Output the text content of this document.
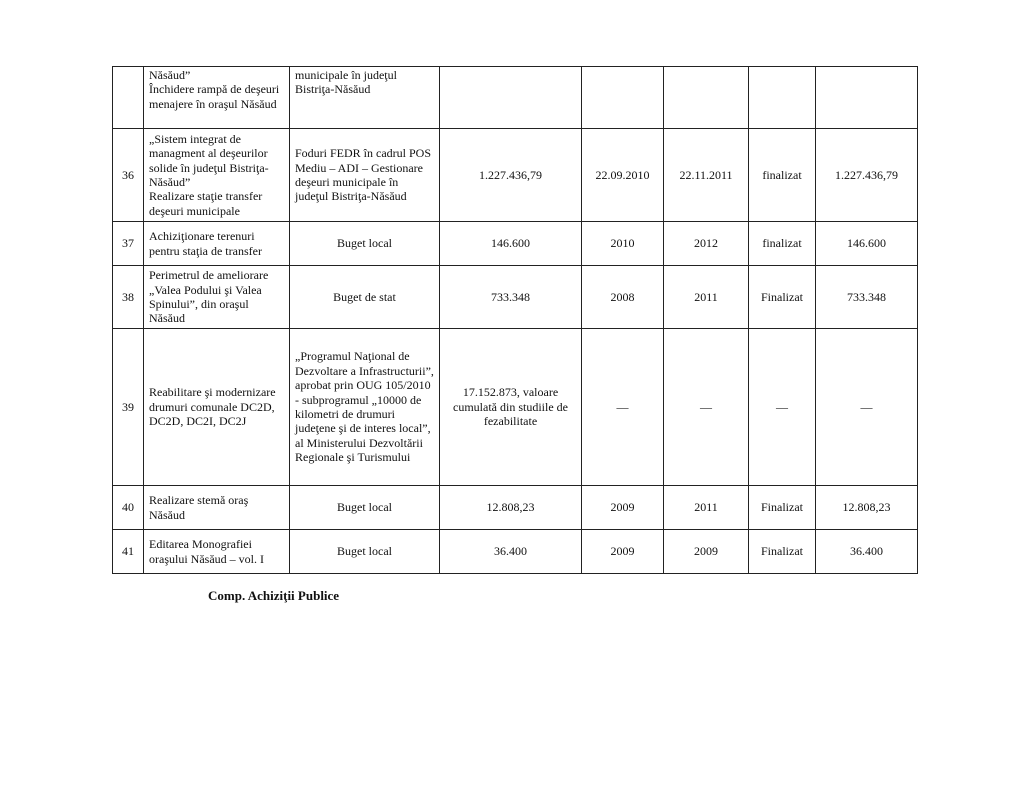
	Năsăud”
Închidere rampă de deşeuri menajere în oraşul Năsăud	municipale în judeţul Bistriţa-Năsăud					
36	„Sistem integrat de managment al deşeurilor solide în judeţul Bistriţa-Năsăud”
Realizare staţie transfer deşeuri municipale	Foduri FEDR în cadrul POS Mediu – ADI – Gestionare deşeuri municipale în judeţul Bistriţa-Năsăud	1.227.436,79	22.09.2010	22.11.2011	finalizat	1.227.436,79
37	Achiziţionare terenuri pentru staţia de transfer	Buget local	146.600	2010	2012	finalizat	146.600
38	Perimetrul de ameliorare „Valea Podului şi Valea Spinului”, din oraşul Năsăud	Buget de stat	733.348	2008	2011	Finalizat	733.348
39	Reabilitare şi modernizare drumuri comunale DC2D, DC2D, DC2I, DC2J	„Programul Naţional de Dezvoltare a Infrastructurii”, aprobat prin OUG 105/2010
- subprogramul „10000 de kilometri de drumuri judeţene şi de interes local”, al Ministerului Dezvoltării Regionale şi Turismului	17.152.873, valoare cumulată din studiile de fezabilitate	—	—	—	—
40	Realizare stemă oraş Năsăud	Buget local	12.808,23	2009	2011	Finalizat	12.808,23
41	Editarea Monografiei oraşului Năsăud – vol. I	Buget local	36.400	2009	2009	Finalizat	36.400
Comp. Achiziţii Publice
